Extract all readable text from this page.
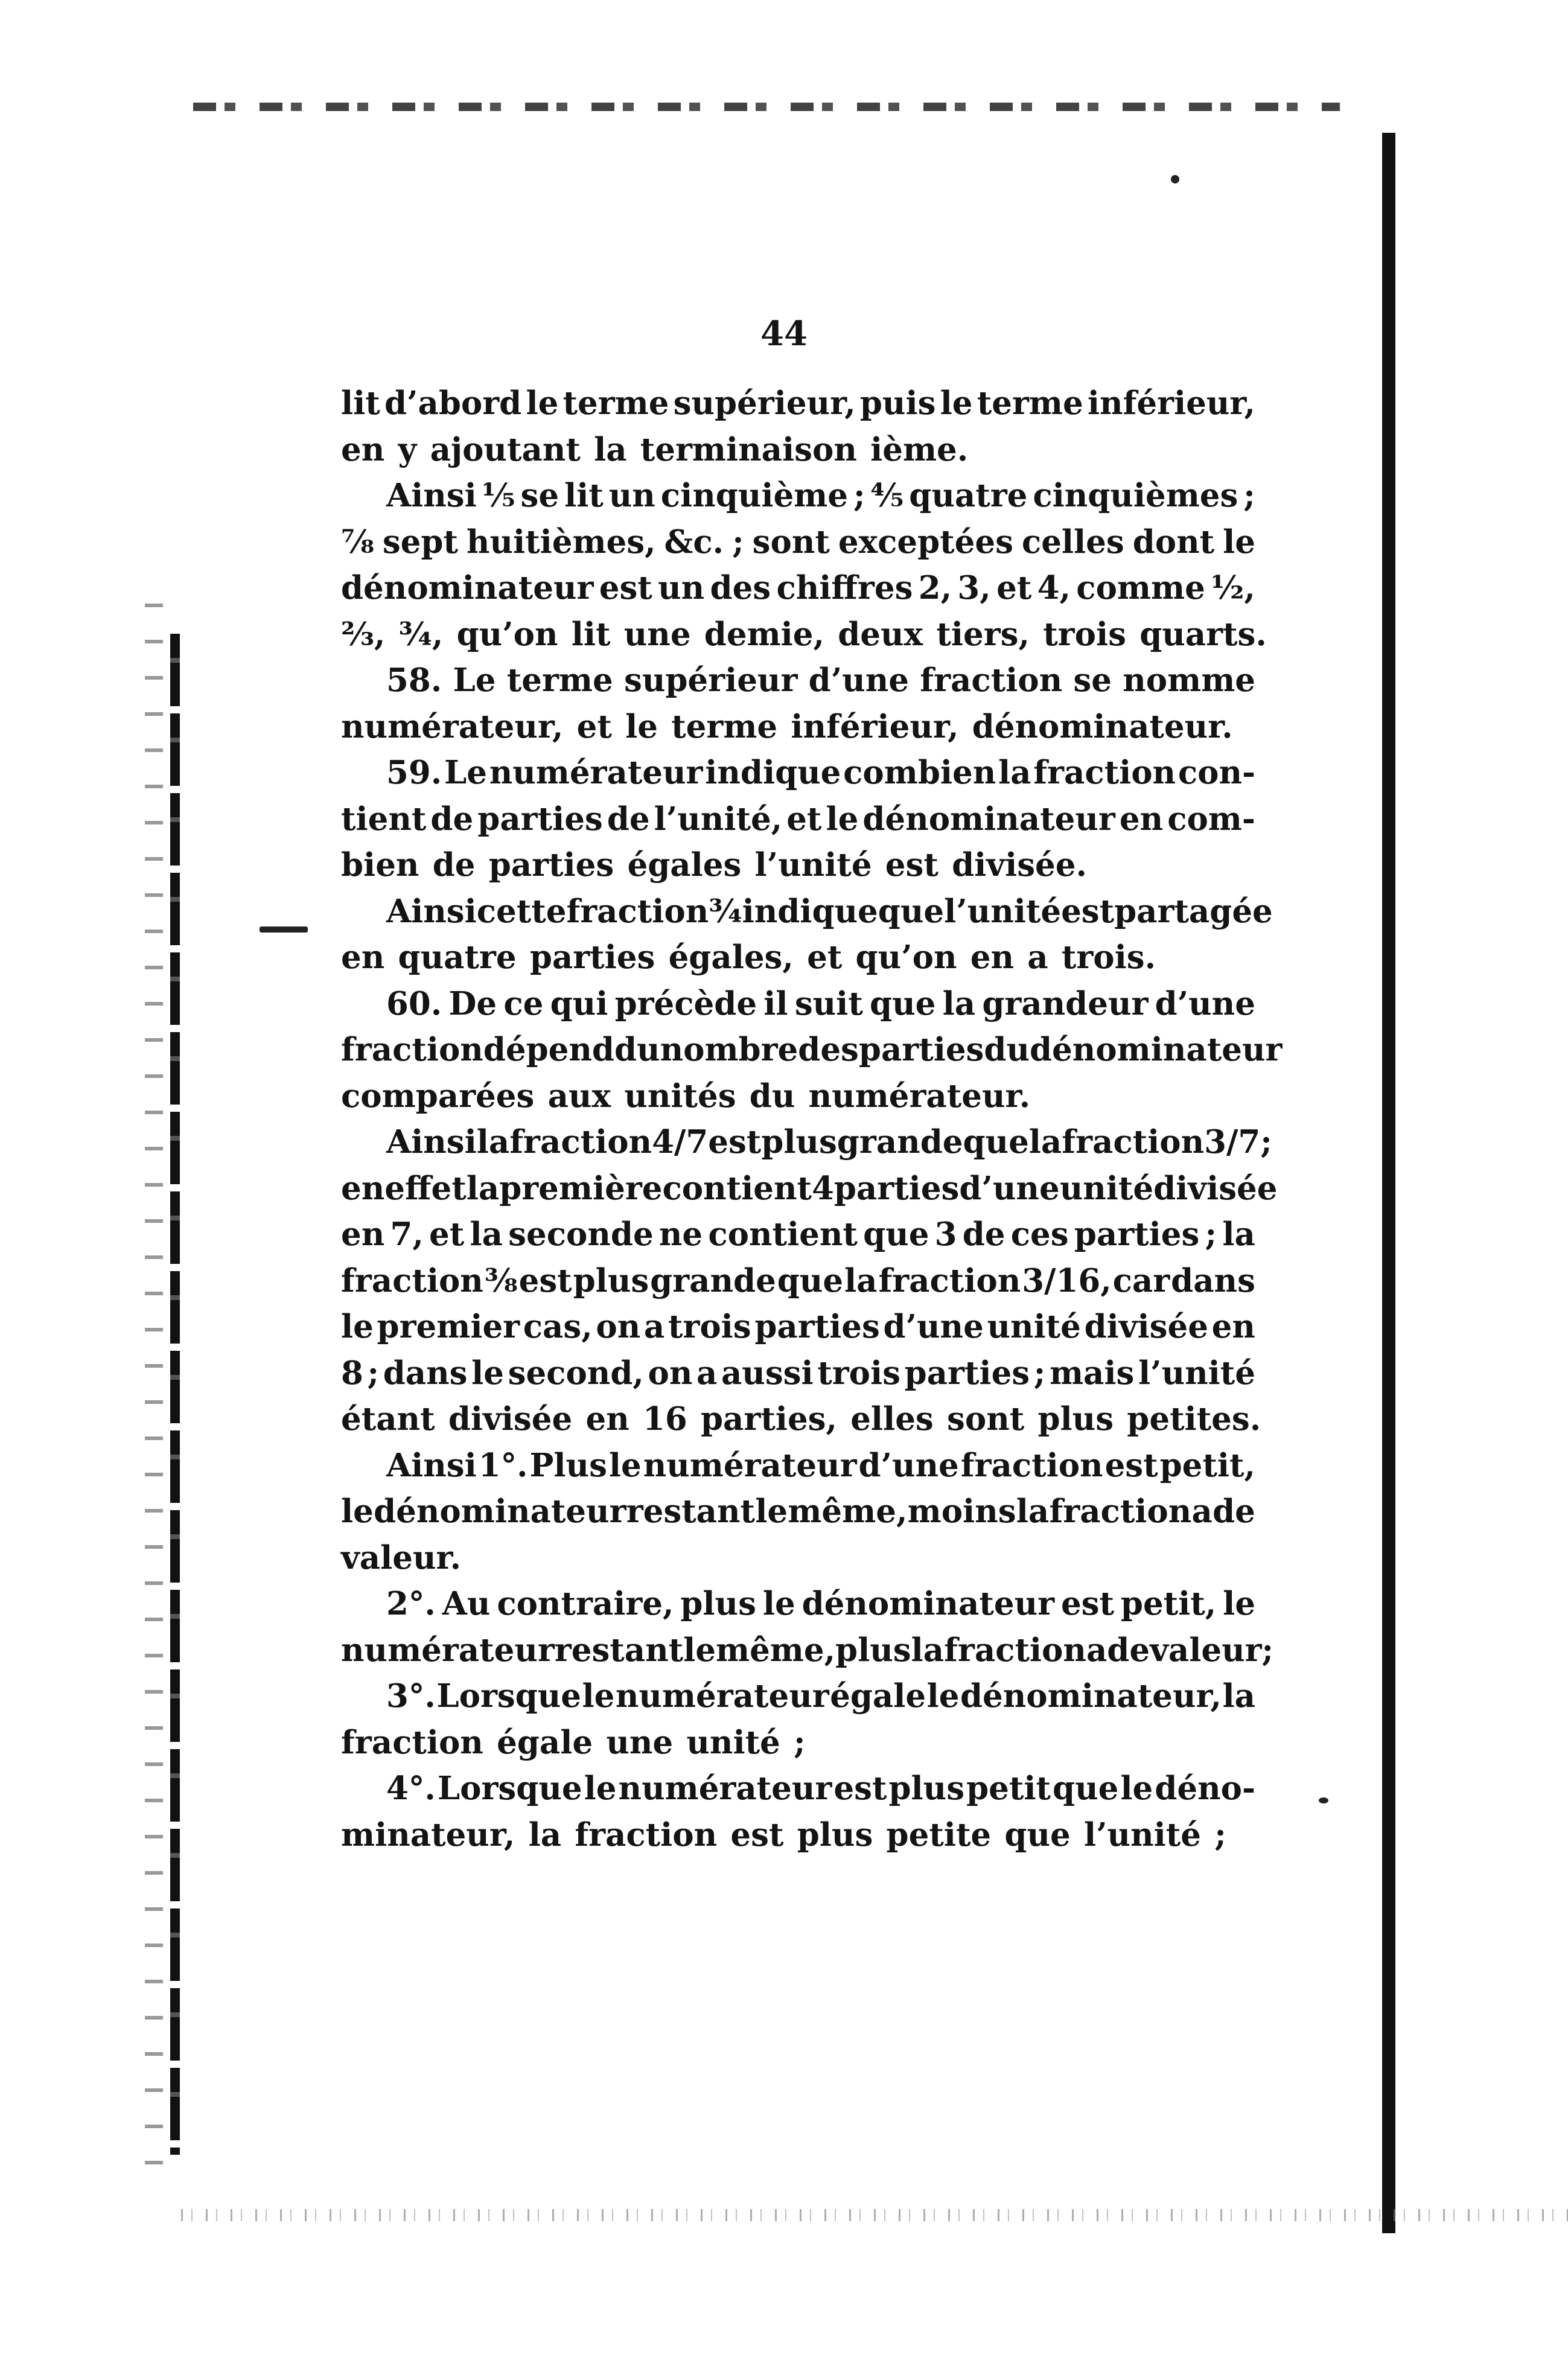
44
lit d’abord le terme supérieur, puis le terme inférieur,
en y ajoutant la terminaison ième.
Ainsi ⅕ se lit un cinquième ; ⅘ quatre cinquièmes ;
⅞ sept huitièmes, &c. ; sont exceptées celles dont le
dénominateur est un des chiffres 2, 3, et 4, comme ½,
⅔, ¾, qu’on lit une demie, deux tiers, trois quarts.
58. Le terme supérieur d’une fraction se nomme
numérateur, et le terme inférieur, dénominateur.
59. Le numérateur indique combien la fraction con-
tient de parties de l’unité, et le dénominateur en com-
bien de parties égales l’unité est divisée.
Ainsi cette fraction ¾ indique que l’unité est partagée
en quatre parties égales, et qu’on en a trois.
60. De ce qui précède il suit que la grandeur d’une
fraction dépend du nombre des parties du dénominateur
comparées aux unités du numérateur.
Ainsi la fraction 4/7 est plus grande que la fraction 3/7 ;
en effet la première contient 4 parties d’une unité divisée
en 7, et la seconde ne contient que 3 de ces parties ; la
fraction ⅜ est plus grande que la fraction 3/16, car dans
le premier cas, on a trois parties d’une unité divisée en
8 ; dans le second, on a aussi trois parties ; mais l’unité
étant divisée en 16 parties, elles sont plus petites.
Ainsi 1°. Plus le numérateur d’une fraction est petit,
le dénominateur restant le même, moins la fraction a de
valeur.
2°. Au contraire, plus le dénominateur est petit, le
numérateur restant le même, plus la fraction a de valeur ;
3°. Lorsque le numérateur égale le dénominateur, la
fraction égale une unité ;
4°. Lorsque le numérateur est plus petit que le déno-
minateur, la fraction est plus petite que l’unité ;
